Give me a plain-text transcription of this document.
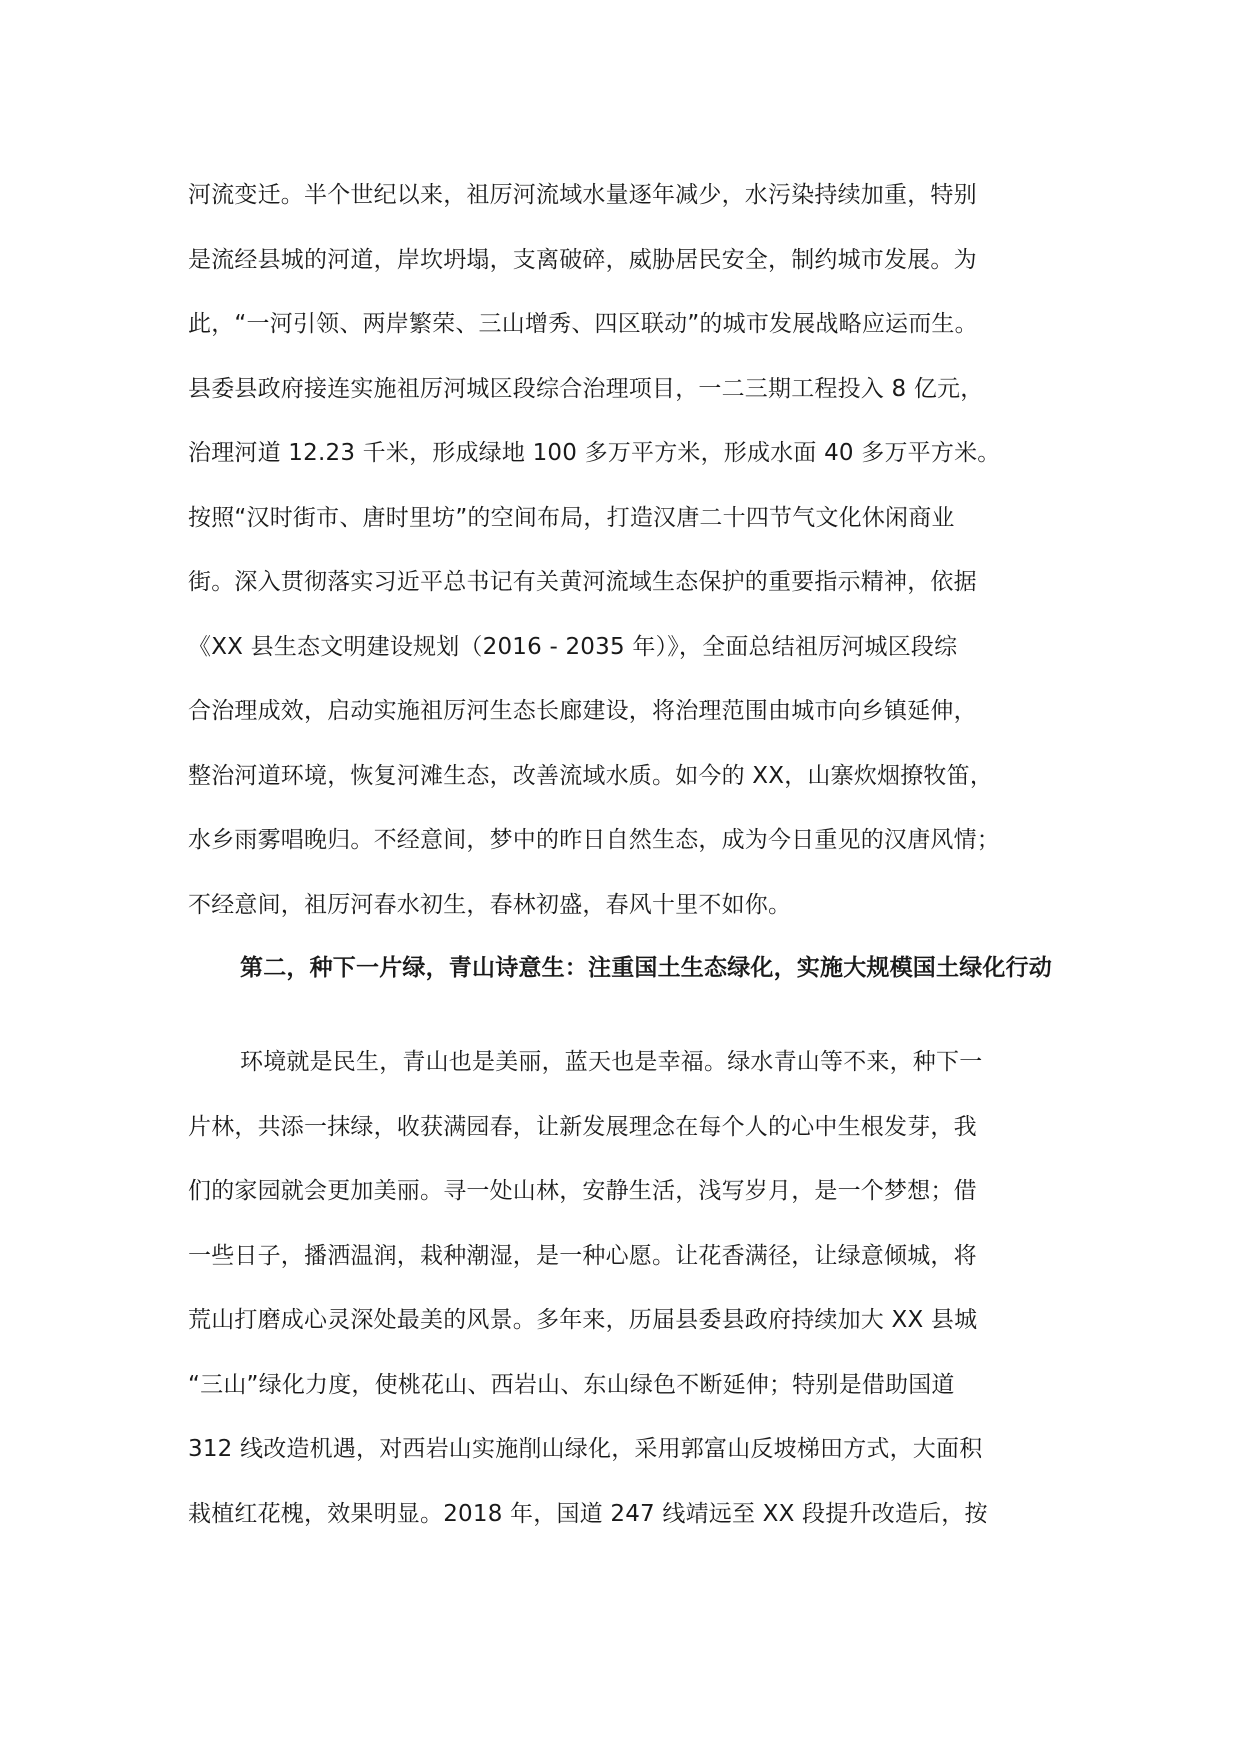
河流变迁。半个世纪以来，祖厉河流域水量逐年减少，水污染持续加重，特别
是流经县城的河道，岸坎坍塌，支离破碎，威胁居民安全，制约城市发展。为
此，“一河引领、两岸繁荣、三山增秀、四区联动”的城市发展战略应运而生。
县委县政府接连实施祖厉河城区段综合治理项目，一二三期工程投入 8 亿元，
治理河道 12.23 千米，形成绿地 100 多万平方米，形成水面 40 多万平方米。
按照“汉时街市、唐时里坊”的空间布局，打造汉唐二十四节气文化休闲商业
街。深入贯彻落实习近平总书记有关黄河流域生态保护的重要指示精神，依据
《XX 县生态文明建设规划（2016 - 2035 年）》，全面总结祖厉河城区段综
合治理成效，启动实施祖厉河生态长廊建设，将治理范围由城市向乡镇延伸，
整治河道环境，恢复河滩生态，改善流域水质。如今的 XX，山寨炊烟撩牧笛，
水乡雨雾唱晚归。不经意间，梦中的昨日自然生态，成为今日重见的汉唐风情；
不经意间，祖厉河春水初生，春林初盛，春风十里不如你。
第二，种下一片绿，青山诗意生：注重国土生态绿化，实施大规模国土绿化行动
环境就是民生，青山也是美丽，蓝天也是幸福。绿水青山等不来，种下一
片林，共添一抹绿，收获满园春，让新发展理念在每个人的心中生根发芽，我
们的家园就会更加美丽。寻一处山林，安静生活，浅写岁月，是一个梦想；借
一些日子，播洒温润，栽种潮湿，是一种心愿。让花香满径，让绿意倾城，将
荒山打磨成心灵深处最美的风景。多年来，历届县委县政府持续加大 XX 县城
“三山”绿化力度，使桃花山、西岩山、东山绿色不断延伸；特别是借助国道
312 线改造机遇，对西岩山实施削山绿化，采用郭富山反坡梯田方式，大面积
栽植红花槐，效果明显。2018 年，国道 247 线靖远至 XX 段提升改造后，按
